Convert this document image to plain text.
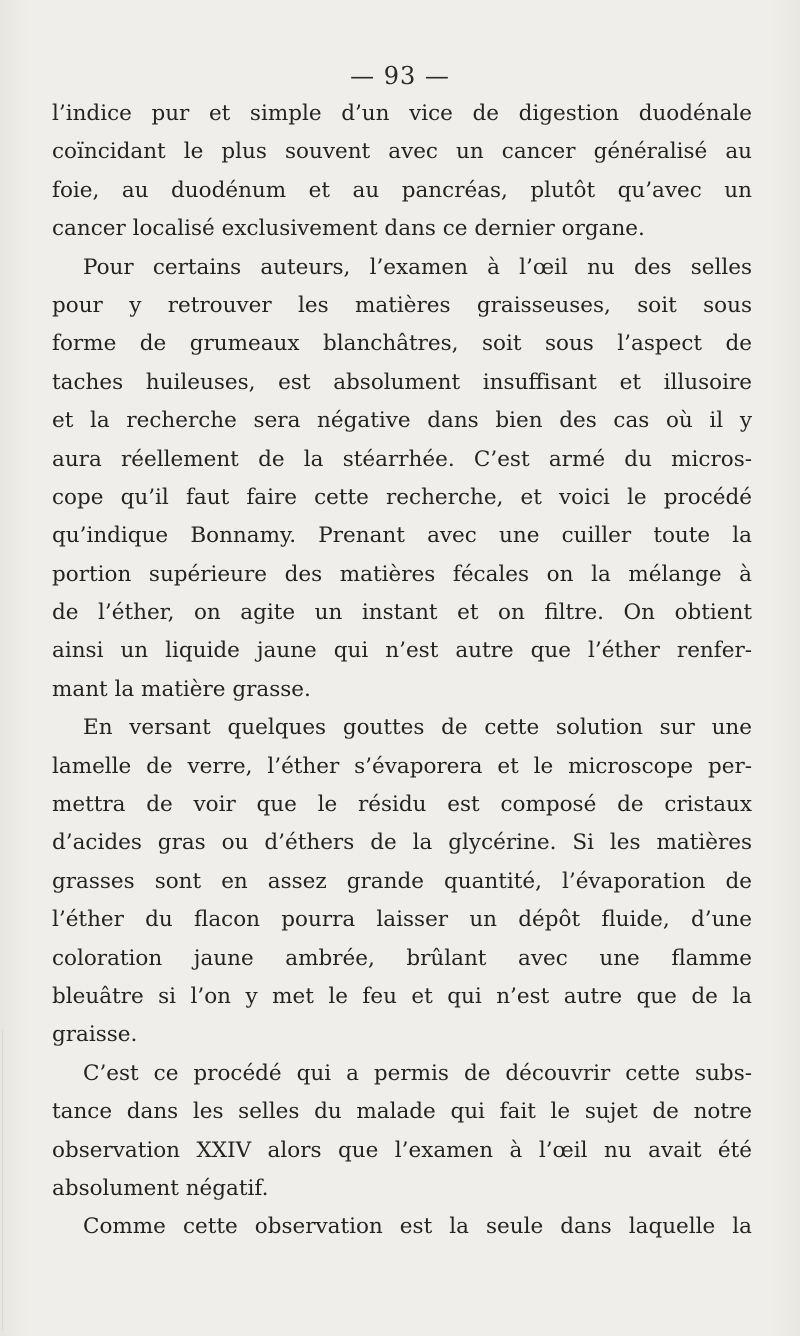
— 93 —
l’indice pur et simple d’un vice de digestion duodénale
coïncidant le plus souvent avec un cancer généralisé au
foie, au duodénum et au pancréas, plutôt qu’avec un
cancer localisé exclusivement dans ce dernier organe.
Pour certains auteurs, l’examen à l’œil nu des selles
pour y retrouver les matières graisseuses, soit sous
forme de grumeaux blanchâtres, soit sous l’aspect de
taches huileuses, est absolument insuffisant et illusoire
et la recherche sera négative dans bien des cas où il y
aura réellement de la stéarrhée. C’est armé du micros-
cope qu’il faut faire cette recherche, et voici le procédé
qu’indique Bonnamy. Prenant avec une cuiller toute la
portion supérieure des matières fécales on la mélange à
de l’éther, on agite un instant et on filtre. On obtient
ainsi un liquide jaune qui n’est autre que l’éther renfer-
mant la matière grasse.
En versant quelques gouttes de cette solution sur une
lamelle de verre, l’éther s’évaporera et le microscope per-
mettra de voir que le résidu est composé de cristaux
d’acides gras ou d’éthers de la glycérine. Si les matières
grasses sont en assez grande quantité, l’évaporation de
l’éther du flacon pourra laisser un dépôt fluide, d’une
coloration jaune ambrée, brûlant avec une flamme
bleuâtre si l’on y met le feu et qui n’est autre que de la
graisse.
C’est ce procédé qui a permis de découvrir cette subs-
tance dans les selles du malade qui fait le sujet de notre
observation XXIV alors que l’examen à l’œil nu avait été
absolument négatif.
Comme cette observation est la seule dans laquelle la
